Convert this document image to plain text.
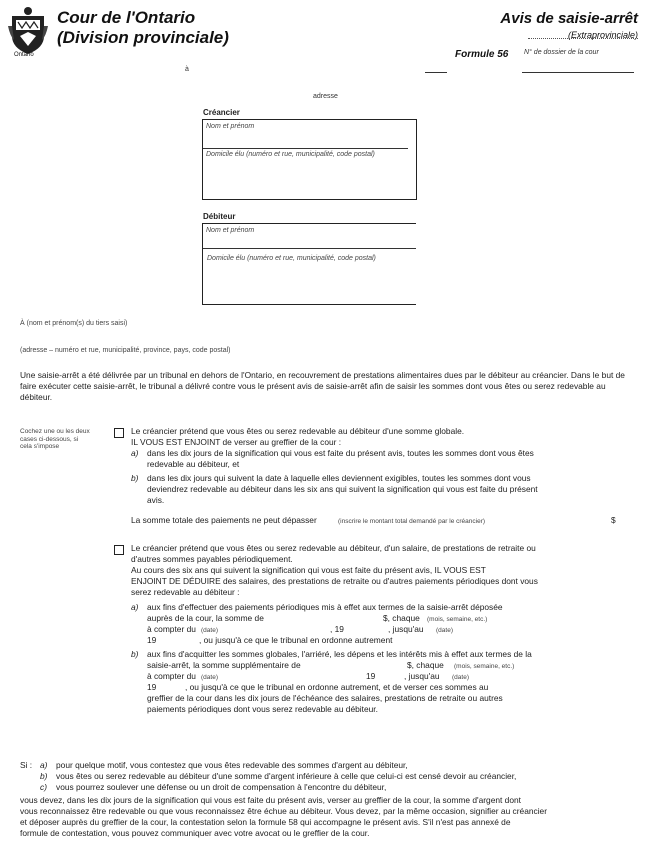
Ontario
Cour de l'Ontario
(Division provinciale)
Avis de saisie-arrêt
(Extraprovinciale)
Formule 56 N° de dossier de la cour
à
adresse
Créancier
Nom et prénom
Domicile élu (numéro et rue, municipalité, code postal)
Débiteur
Nom et prénom
Domicile élu (numéro et rue, municipalité, code postal)
À (nom et prénom(s) du tiers saisi)
(adresse – numéro et rue, municipalité, province, pays, code postal)
Une saisie-arrêt a été délivrée par un tribunal en dehors de l'Ontario, en recouvrement de prestations alimentaires dues par le débiteur au créancier. Dans le but de faire exécuter cette saisie-arrêt, le tribunal a délivré contre vous le présent avis de saisie-arrêt afin de saisir les sommes dont vous êtes ou serez redevable au débiteur.
Cochez une ou les deux cases ci-dessous, si cela s'impose
Le créancier prétend que vous êtes ou serez redevable au débiteur d'une somme globale.
IL VOUS EST ENJOINT de verser au greffier de la cour :
a) dans les dix jours de la signification qui vous est faite du présent avis, toutes les sommes dont vous êtes
redevable au débiteur, et
b) dans les dix jours qui suivent la date à laquelle elles deviennent exigibles, toutes les sommes dont vous
deviendrez redevable au débiteur dans les six ans qui suivent la signification qui vous est faite du présent
avis.
La somme totale des paiements ne peut dépasser	(inscrire le montant total demandé par le créancier)	$
Le créancier prétend que vous êtes ou serez redevable au débiteur, d'un salaire, de prestations de retraite ou
d'autres sommes payables périodiquement.
Au cours des six ans qui suivent la signification qui vous est faite du présent avis, IL VOUS EST
ENJOINT DE DÉDUIRE des salaires, des prestations de retraite ou d'autres paiements périodiques dont vous
serez redevable au débiteur :
a) aux fins d'effectuer des paiements périodiques mis à effet aux termes de la saisie-arrêt déposée
auprès de la cour, la somme de	$, chaque (mois, semaine, etc.)
à compter du (date)	, 19	, jusqu'au (date)
19	, ou jusqu'à ce que le tribunal en ordonne autrement
b) aux fins d'acquitter les sommes globales, l'arriéré, les dépens et les intérêts mis à effet aux termes de la
saisie-arrêt, la somme supplémentaire de	$, chaque (mois, semaine, etc.)
à compter du (date)	19	, jusqu'au (date)
19	, ou jusqu'à ce que le tribunal en ordonne autrement, et de verser ces sommes au
greffier de la cour dans les dix jours de l'échéance des salaires, prestations de retraite ou autres
paiements périodiques dont vous serez redevable au débiteur.
Si : a) pour quelque motif, vous contestez que vous êtes redevable des sommes d'argent au débiteur,
b) vous êtes ou serez redevable au débiteur d'une somme d'argent inférieure à celle que celui-ci est censé devoir au créancier,
c) vous pourrez soulever une défense ou un droit de compensation à l'encontre du débiteur,
vous devez, dans les dix jours de la signification qui vous est faite du présent avis, verser au greffier de la cour, la somme d'argent dont
vous reconnaissez être redevable ou que vous reconnaissez être échue au débiteur. Vous devez, par la même occasion, signifier au créancier
et déposer auprès du greffier de la cour, la contestation selon la formule 58 qui accompagne le présent avis. S'il n'est pas annexé de
formule de contestation, vous pouvez communiquer avec votre avocat ou le greffier de la cour.
